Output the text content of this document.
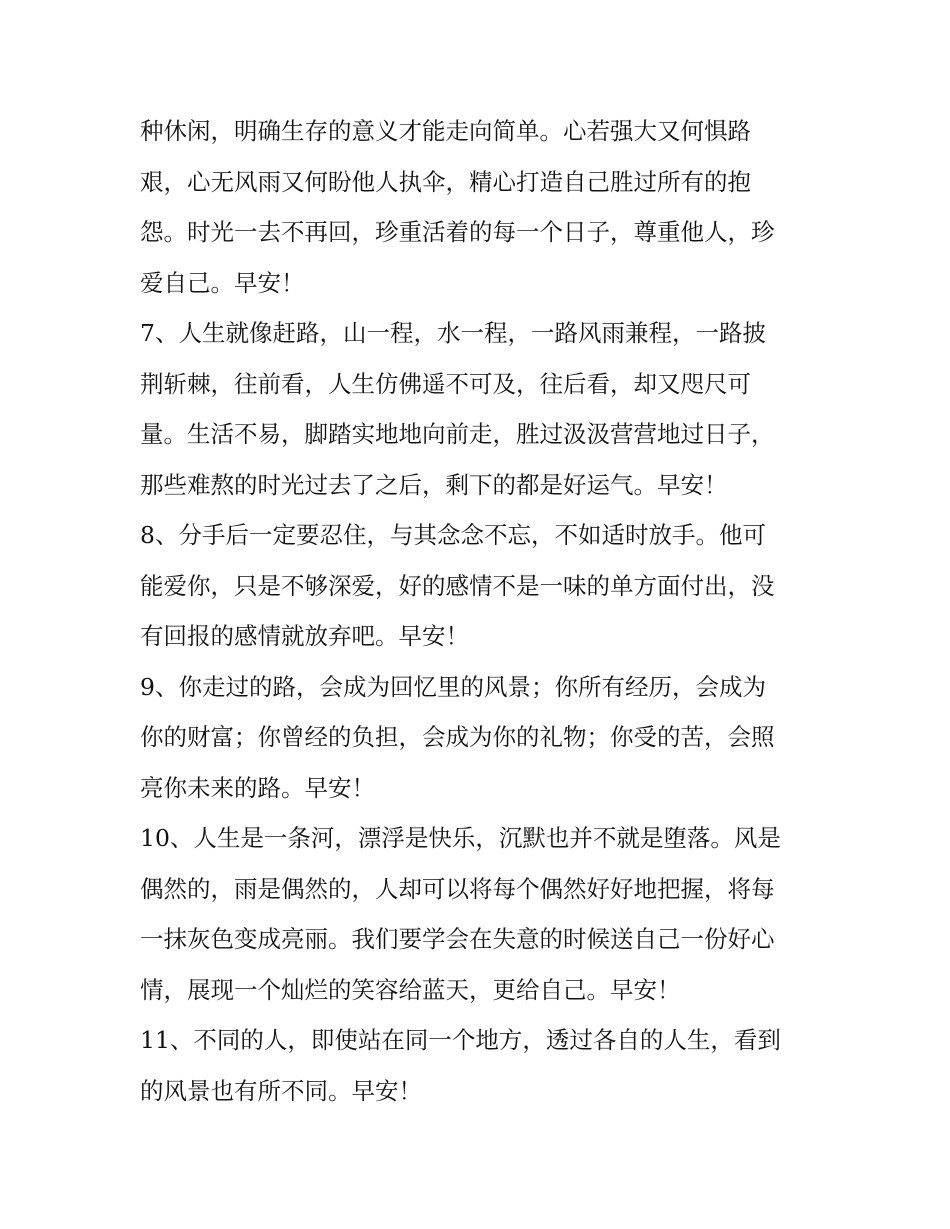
种休闲，明确生存的意义才能走向简单。心若强大又何惧路
艰，心无风雨又何盼他人执伞，精心打造自己胜过所有的抱
怨。时光一去不再回，珍重活着的每一个日子，尊重他人，珍
爱自己。早安！
7、人生就像赶路，山一程，水一程，一路风雨兼程，一路披
荆斩棘，往前看，人生仿佛遥不可及，往后看，却又咫尺可
量。生活不易，脚踏实地地向前走，胜过汲汲营营地过日子，
那些难熬的时光过去了之后，剩下的都是好运气。早安！
8、分手后一定要忍住，与其念念不忘，不如适时放手。他可
能爱你，只是不够深爱，好的感情不是一味的单方面付出，没
有回报的感情就放弃吧。早安！
9、你走过的路，会成为回忆里的风景；你所有经历，会成为
你的财富；你曾经的负担，会成为你的礼物；你受的苦，会照
亮你未来的路。早安！
10、人生是一条河，漂浮是快乐，沉默也并不就是堕落。风是
偶然的，雨是偶然的，人却可以将每个偶然好好地把握，将每
一抹灰色变成亮丽。我们要学会在失意的时候送自己一份好心
情，展现一个灿烂的笑容给蓝天，更给自己。早安！
11、不同的人，即使站在同一个地方，透过各自的人生，看到
的风景也有所不同。早安！
